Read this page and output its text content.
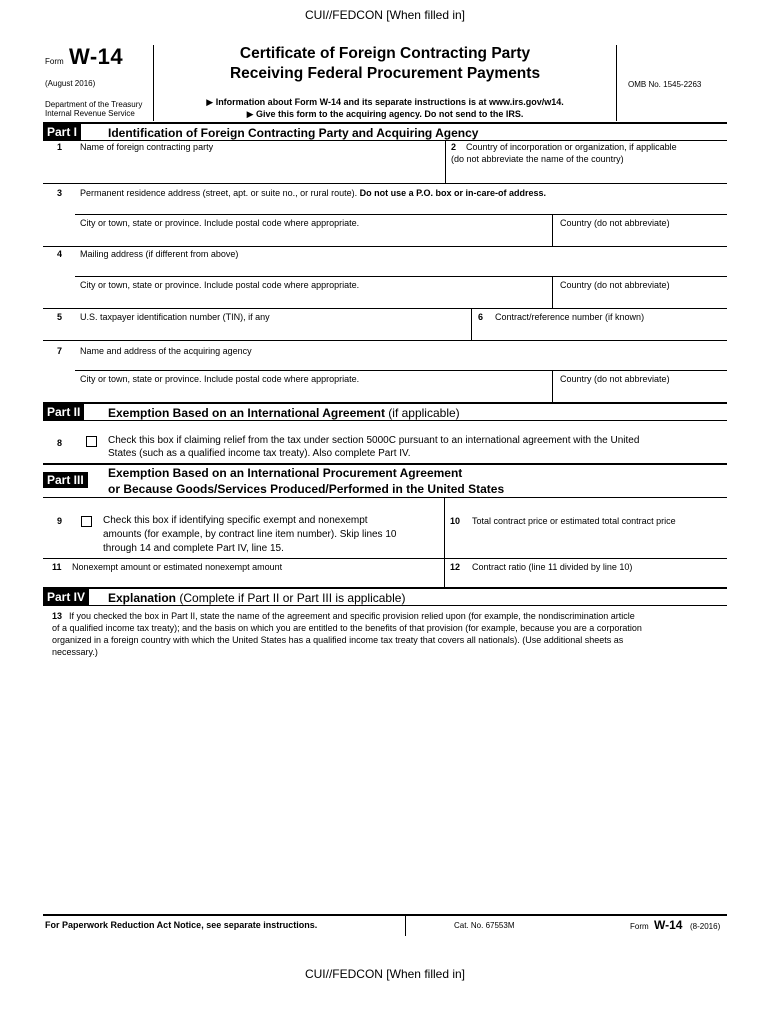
CUI//FEDCON [When filled in]
Form W-14
(August 2016)
Department of the Treasury
Internal Revenue Service
Certificate of Foreign Contracting Party
Receiving Federal Procurement Payments
▶ Information about Form W-14 and its separate instructions is at www.irs.gov/w14.
▶ Give this form to the acquiring agency. Do not send to the IRS.
OMB No. 1545-2263
Part I	Identification of Foreign Contracting Party and Acquiring Agency
1 Name of foreign contracting party	2 Country of incorporation or organization, if applicable
(do not abbreviate the name of the country)
3 Permanent residence address (street, apt. or suite no., or rural route). Do not use a P.O. box or in-care-of address.
City or town, state or province. Include postal code where appropriate.	Country (do not abbreviate)
4 Mailing address (if different from above)
City or town, state or province. Include postal code where appropriate.	Country (do not abbreviate)
5 U.S. taxpayer identification number (TIN), if any	6 Contract/reference number (if known)
7 Name and address of the acquiring agency
City or town, state or province. Include postal code where appropriate.	Country (do not abbreviate)
Part II	Exemption Based on an International Agreement (if applicable)
8	Check this box if claiming relief from the tax under section 5000C pursuant to an international agreement with the United
States (such as a qualified income tax treaty). Also complete Part IV.
Part III	Exemption Based on an International Procurement Agreement
or Because Goods/Services Produced/Performed in the United States
9	Check this box if identifying specific exempt and nonexempt
amounts (for example, by contract line item number). Skip lines 10
through 14 and complete Part IV, line 15.
10 Total contract price or estimated total contract price
11 Nonexempt amount or estimated nonexempt amount	12 Contract ratio (line 11 divided by line 10)
Part IV	Explanation (Complete if Part II or Part III is applicable)
13 If you checked the box in Part II, state the name of the agreement and specific provision relied upon (for example, the nondiscrimination article
of a qualified income tax treaty); and the basis on which you are entitled to the benefits of that provision (for example, because you are a corporation
organized in a foreign country with which the United States has a qualified income tax treaty that covers all nationals). (Use additional sheets as
necessary.)
For Paperwork Reduction Act Notice, see separate instructions.	Cat. No. 67553M	Form W-14 (8-2016)
CUI//FEDCON [When filled in]
